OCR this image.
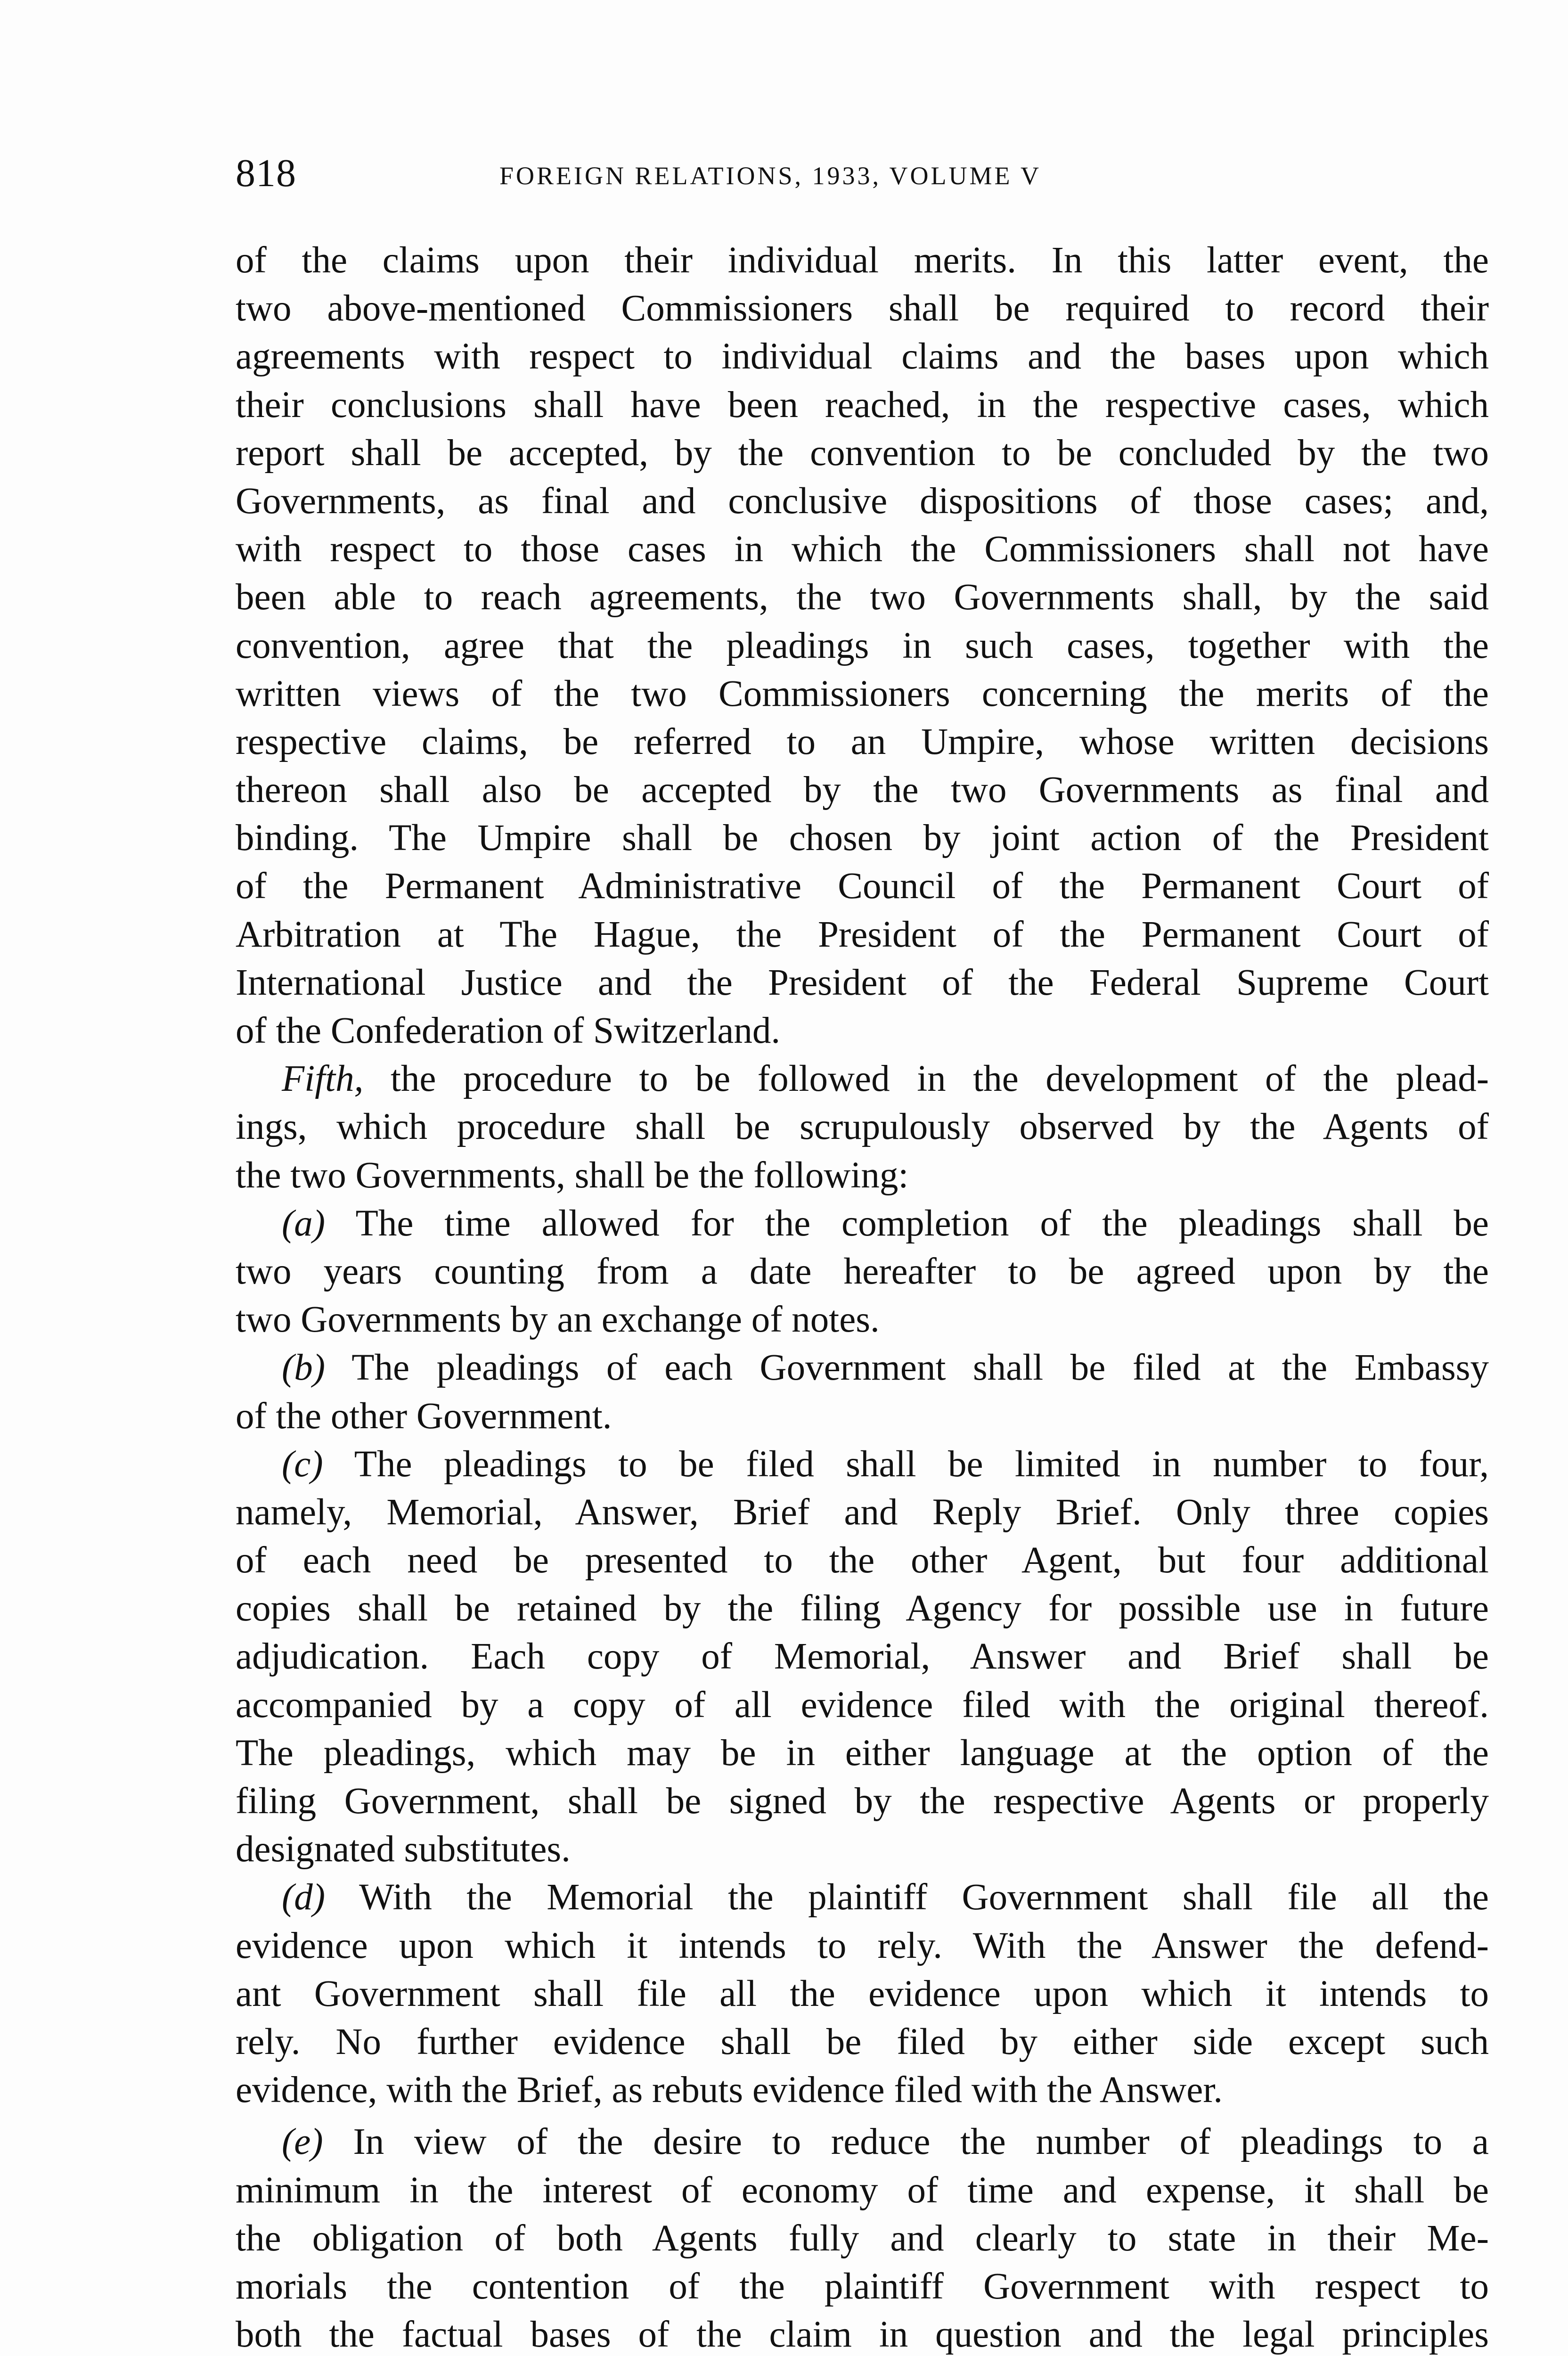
818	FOREIGN RELATIONS, 1933, VOLUME V
of the claims upon their individual merits. In this latter event, the
two above-mentioned Commissioners shall be required to record their
agreements with respect to individual claims and the bases upon which
their conclusions shall have been reached, in the respective cases, which
report shall be accepted, by the convention to be concluded by the two
Governments, as final and conclusive dispositions of those cases; and,
with respect to those cases in which the Commissioners shall not have
been able to reach agreements, the two Governments shall, by the said
convention, agree that the pleadings in such cases, together with the
written views of the two Commissioners concerning the merits of the
respective claims, be referred to an Umpire, whose written decisions
thereon shall also be accepted by the two Governments as final and
binding. The Umpire shall be chosen by joint action of the President
of the Permanent Administrative Council of the Permanent Court of
Arbitration at The Hague, the President of the Permanent Court of
International Justice and the President of the Federal Supreme Court
of the Confederation of Switzerland.
Fifth, the procedure to be followed in the development of the plead-
ings, which procedure shall be scrupulously observed by the Agents of
the two Governments, shall be the following:
(a) The time allowed for the completion of the pleadings shall be
two years counting from a date hereafter to be agreed upon by the
two Governments by an exchange of notes.
(b) The pleadings of each Government shall be filed at the Embassy
of the other Government.
(c) The pleadings to be filed shall be limited in number to four,
namely, Memorial, Answer, Brief and Reply Brief. Only three copies
of each need be presented to the other Agent, but four additional
copies shall be retained by the filing Agency for possible use in future
adjudication. Each copy of Memorial, Answer and Brief shall be
accompanied by a copy of all evidence filed with the original thereof.
The pleadings, which may be in either language at the option of the
filing Government, shall be signed by the respective Agents or properly
designated substitutes.
(d) With the Memorial the plaintiff Government shall file all the
evidence upon which it intends to rely. With the Answer the defend-
ant Government shall file all the evidence upon which it intends to
rely. No further evidence shall be filed by either side except such
evidence, with the Brief, as rebuts evidence filed with the Answer.
(e) In view of the desire to reduce the number of pleadings to a
minimum in the interest of economy of time and expense, it shall be
the obligation of both Agents fully and clearly to state in their Me-
morials the contention of the plaintiff Government with respect to
both the factual bases of the claim in question and the legal principles
